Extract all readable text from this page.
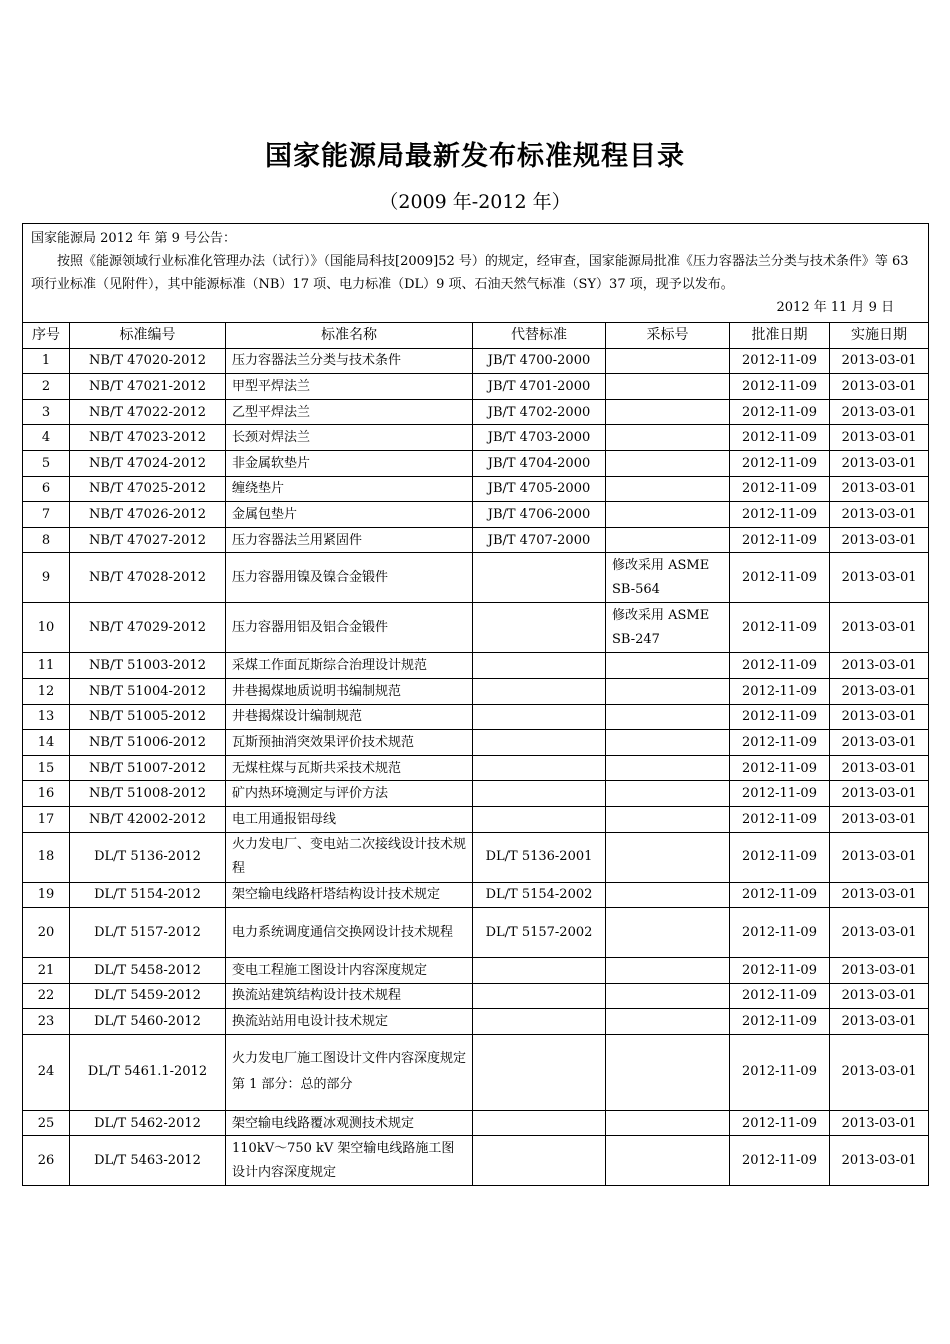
国家能源局最新发布标准规程目录
（2009 年-2012 年）
国家能源局 2012 年 第 9 号公告：

按照《能源领域行业标准化管理办法（试行）》（国能局科技[2009]52 号）的规定，经审查，国家能源局批准《压力容器法兰分类与技术条件》等 63 项行业标准（见附件），其中能源标准（NB）17 项、电力标准（DL）9 项、石油天然气标准（SY）37 项，现予以发布。
2012 年 11 月 9 日						

序号	标准编号	标准名称	代替标准	采标号	批准日期	实施日期
1	NB/T 47020-2012	压力容器法兰分类与技术条件	JB/T 4700-2000		2012-11-09	2013-03-01
2	NB/T 47021-2012	甲型平焊法兰	JB/T 4701-2000		2012-11-09	2013-03-01
3	NB/T 47022-2012	乙型平焊法兰	JB/T 4702-2000		2012-11-09	2013-03-01
4	NB/T 47023-2012	长颈对焊法兰	JB/T 4703-2000		2012-11-09	2013-03-01
5	NB/T 47024-2012	非金属软垫片	JB/T 4704-2000		2012-11-09	2013-03-01
6	NB/T 47025-2012	缠绕垫片	JB/T 4705-2000		2012-11-09	2013-03-01
7	NB/T 47026-2012	金属包垫片	JB/T 4706-2000		2012-11-09	2013-03-01
8	NB/T 47027-2012	压力容器法兰用紧固件	JB/T 4707-2000		2012-11-09	2013-03-01
9	NB/T 47028-2012	压力容器用镍及镍合金锻件		修改采用 ASME SB-564	2012-11-09	2013-03-01
10	NB/T 47029-2012	压力容器用铝及铝合金锻件		修改采用 ASME SB-247	2012-11-09	2013-03-01
11	NB/T 51003-2012	采煤工作面瓦斯综合治理设计规范			2012-11-09	2013-03-01
12	NB/T 51004-2012	井巷揭煤地质说明书编制规范			2012-11-09	2013-03-01
13	NB/T 51005-2012	井巷揭煤设计编制规范			2012-11-09	2013-03-01
14	NB/T 51006-2012	瓦斯预抽消突效果评价技术规范			2012-11-09	2013-03-01
15	NB/T 51007-2012	无煤柱煤与瓦斯共采技术规范			2012-11-09	2013-03-01
16	NB/T 51008-2012	矿内热环境测定与评价方法			2012-11-09	2013-03-01
17	NB/T 42002-2012	电工用通报铝母线			2012-11-09	2013-03-01
18	DL/T 5136-2012	火力发电厂、变电站二次接线设计技术规程	DL/T 5136-2001		2012-11-09	2013-03-01
19	DL/T 5154-2012	架空输电线路杆塔结构设计技术规定	DL/T 5154-2002		2012-11-09	2013-03-01
20	DL/T 5157-2012	电力系统调度通信交换网设计技术规程	DL/T 5157-2002		2012-11-09	2013-03-01
21	DL/T 5458-2012	变电工程施工图设计内容深度规定			2012-11-09	2013-03-01
22	DL/T 5459-2012	换流站建筑结构设计技术规程			2012-11-09	2013-03-01
23	DL/T 5460-2012	换流站站用电设计技术规定			2012-11-09	2013-03-01
24	DL/T 5461.1-2012	火力发电厂施工图设计文件内容深度规定第 1 部分：总的部分			2012-11-09	2013-03-01
25	DL/T 5462-2012	架空输电线路覆冰观测技术规定			2012-11-09	2013-03-01
26	DL/T 5463-2012	110kV～750 kV 架空输电线路施工图设计内容深度规定			2012-11-09	2013-03-01
